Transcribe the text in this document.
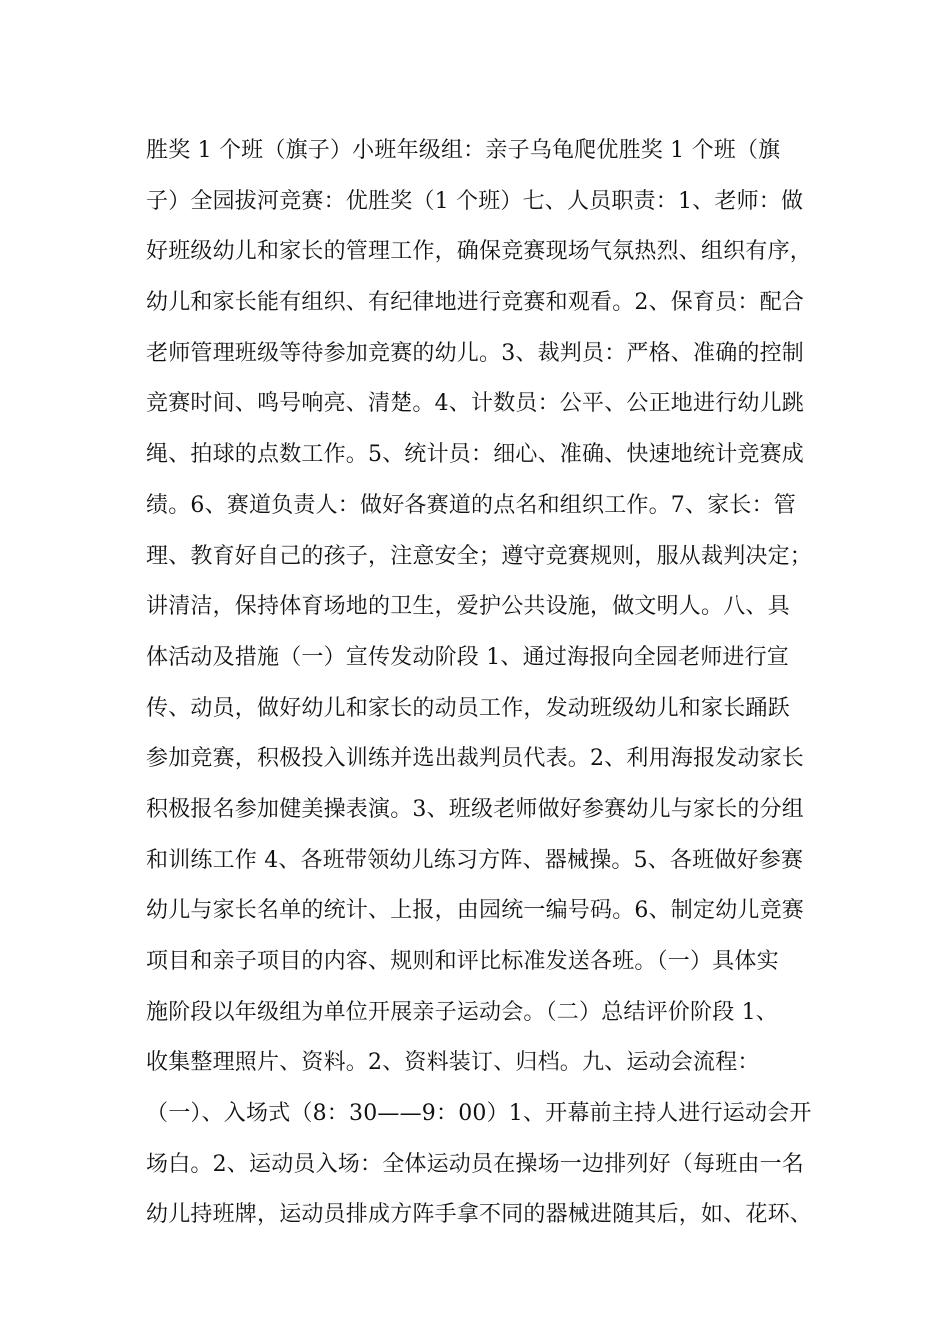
胜奖 1 个班（旗子）小班年级组：亲子乌龟爬优胜奖 1 个班（旗
子）全园拔河竞赛：优胜奖（1 个班）七、人员职责：1、老师：做
好班级幼儿和家长的管理工作，确保竞赛现场气氛热烈、组织有序，
幼儿和家长能有组织、有纪律地进行竞赛和观看。2、保育员：配合
老师管理班级等待参加竞赛的幼儿。3、裁判员：严格、准确的控制
竞赛时间、鸣号响亮、清楚。4、计数员：公平、公正地进行幼儿跳
绳、拍球的点数工作。5、统计员：细心、准确、快速地统计竞赛成
绩。6、赛道负责人：做好各赛道的点名和组织工作。7、家长：管
理、教育好自己的孩子，注意安全；遵守竞赛规则，服从裁判决定；
讲清洁，保持体育场地的卫生，爱护公共设施，做文明人。八、具
体活动及措施（一）宣传发动阶段 1、通过海报向全园老师进行宣
传、动员，做好幼儿和家长的动员工作，发动班级幼儿和家长踊跃
参加竞赛，积极投入训练并选出裁判员代表。2、利用海报发动家长
积极报名参加健美操表演。3、班级老师做好参赛幼儿与家长的分组
和训练工作 4、各班带领幼儿练习方阵、器械操。5、各班做好参赛
幼儿与家长名单的统计、上报，由园统一编号码。6、制定幼儿竞赛
项目和亲子项目的内容、规则和评比标准发送各班。（一）具体实
施阶段以年级组为单位开展亲子运动会。（二）总结评价阶段 1、
收集整理照片、资料。2、资料装订、归档。九、运动会流程：
（一）、入场式（8：30——9：00）1、开幕前主持人进行运动会开
场白。2、运动员入场：全体运动员在操场一边排列好（每班由一名
幼儿持班牌，运动员排成方阵手拿不同的器械进随其后，如、花环、
